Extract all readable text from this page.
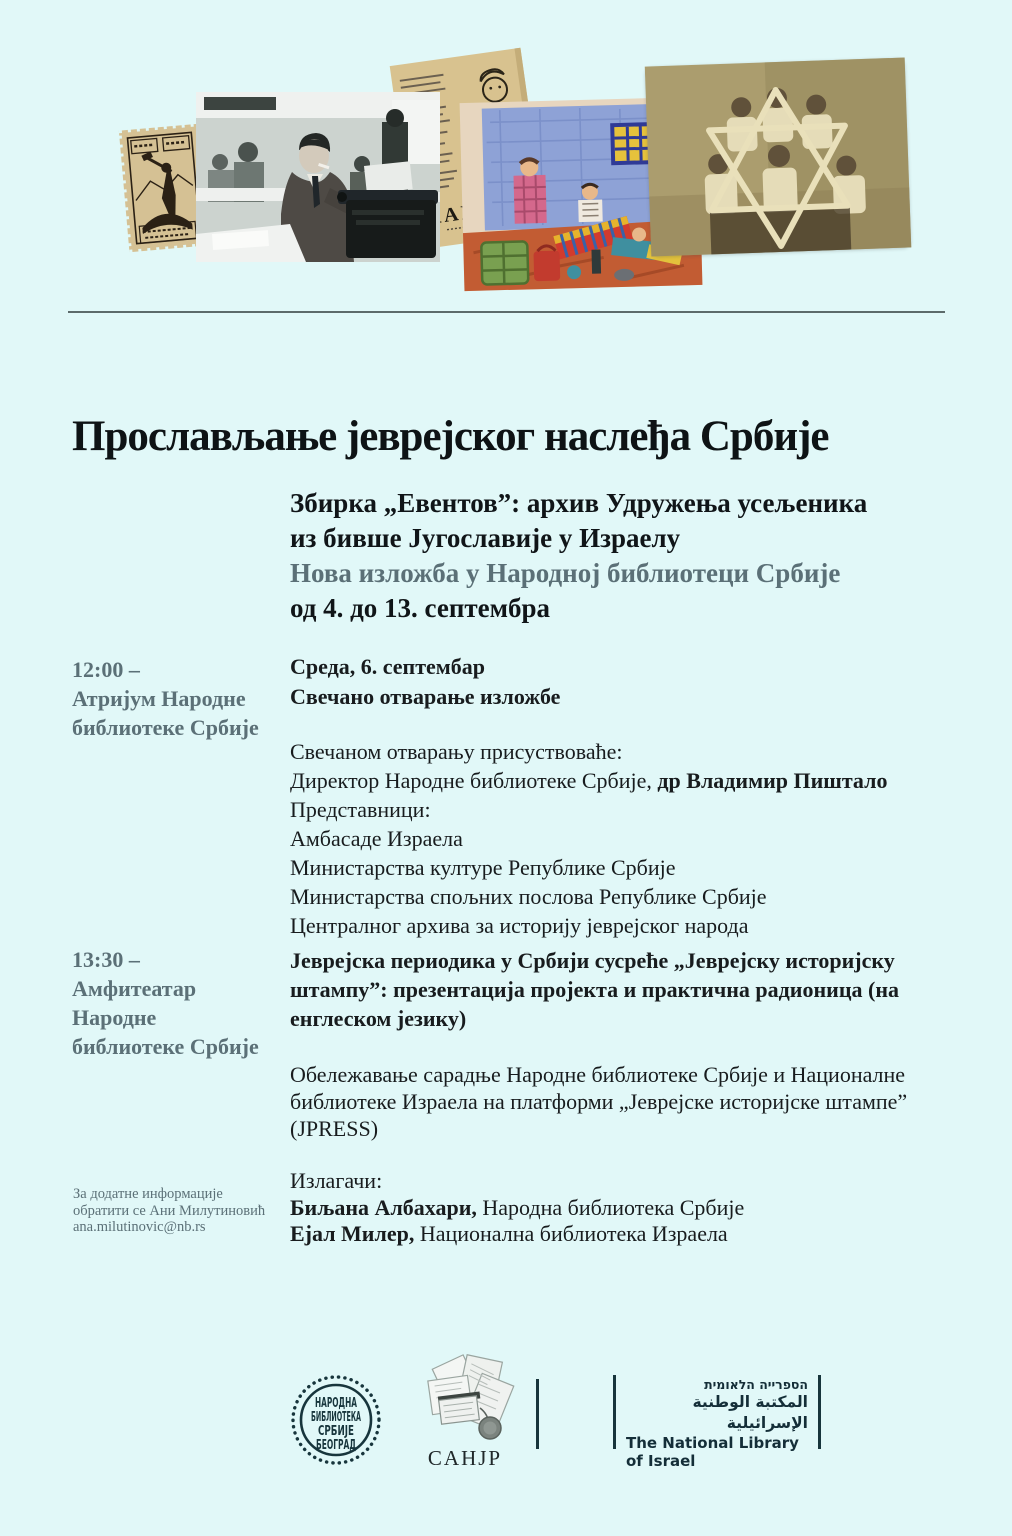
Прослављање јеврејског наслеђа Србије
Збирка „Евентов”: архив Удружења усељеника
из бивше Југославије у Израелу
Нова изложба у Народној библиотеци Србије
од 4. до 13. септембра
12:00 –
Атријум Народне
библиотеке Србије
Среда, 6. септембар
Свечано отварање изложбе
Свечаном отварању присуствоваће:
Директор Народне библиотеке Србије, др Владимир Пиштало
Представници:
Амбасаде Израела
Министарства културе Републике Србије
Министарства спољних послова Републике Србије
Централног архива за историју јеврејског народа
13:30 –
Амфитеатар
Народне
библиотеке Србије
Јеврејска периодика у Србији сусреће „Јеврејску историјску
штампу”: презентација пројекта и практична радионица (на
енглеском језику)
Обележавање сарадње Народне библиотеке Србије и Националне
библиотеке Израела на платформи „Јеврејске историјске штампе”
(JPRESS)
Излагачи:
Биљана Албахари, Народна библиотека Србије
Ејал Милер, Национална библиотека Израела
За додатне информације
обратити се Ани Милутиновић
ana.milutinovic@nb.rs
НАРОДНА
БИБЛИОТЕКА
СРБИЈЕ
БЕОГРАД
CAHJP
הספרייה הלאומית
المكتبة الوطنية الإسرائيلية
The National Library
of Israel
